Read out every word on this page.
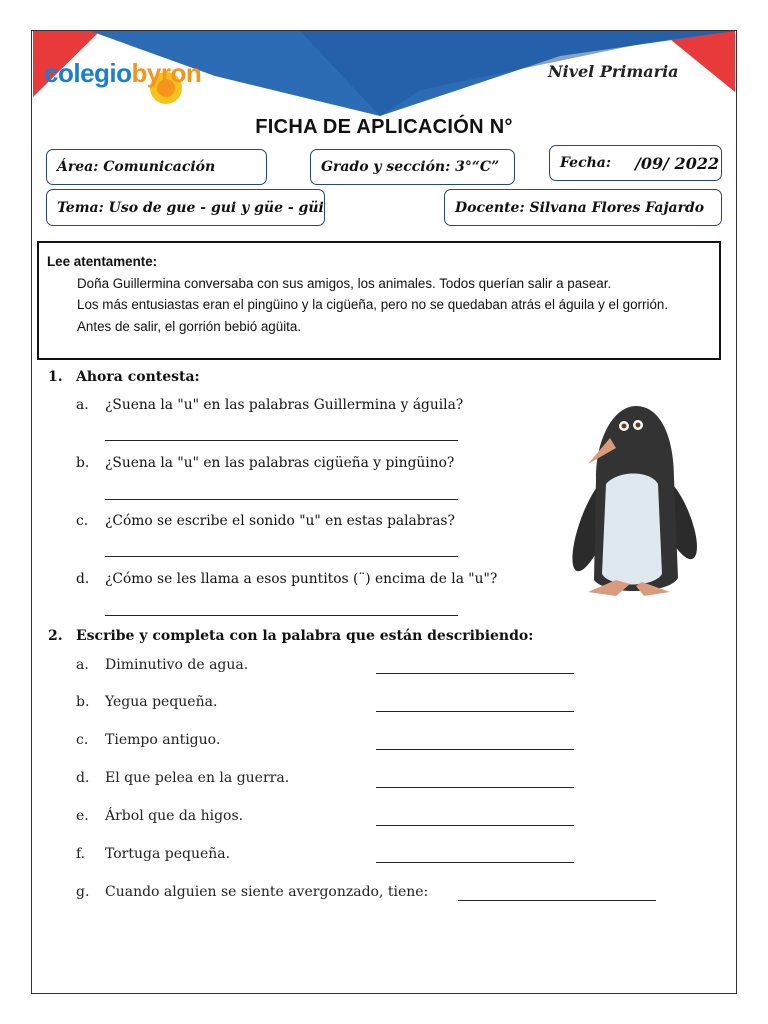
colegiobyron	Nivel Primaria
FICHA DE APLICACIÓN N°
Área: Comunicación	Grado y sección: 3°“C”	Fecha: /09/ 2022
Tema: Uso de gue - gui y güe - güi	Docente: Silvana Flores Fajardo
Lee atentamente:

Doña Guillermina conversaba con sus amigos, los animales. Todos querían salir a pasear.

Los más entusiastas eran el pingüino y la cigüeña, pero no se quedaban atrás el águila y el gorrión.

Antes de salir, el gorrión bebió agüita.

1. Ahora contesta:
a. ¿Suena la "u" en las palabras Guillermina y águila?
b. ¿Suena la "u" en las palabras cigüeña y pingüino?
c. ¿Cómo se escribe el sonido "u" en estas palabras?
d. ¿Cómo se les llama a esos puntitos (¨) encima de la "u"?
2. Escribe y completa con la palabra que están describiendo:
a. Diminutivo de agua.
b. Yegua pequeña.
c. Tiempo antiguo.
d. El que pelea en la guerra.
e. Árbol que da higos.
f. Tortuga pequeña.
g. Cuando alguien se siente avergonzado, tiene:
